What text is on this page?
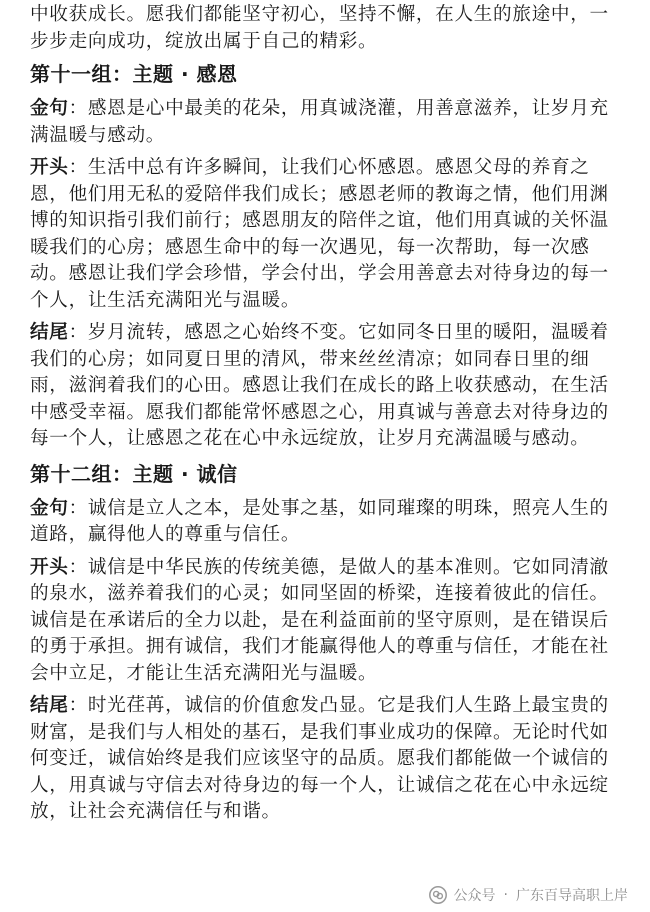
中收获成长。愿我们都能坚守初心，坚持不懈，在人生的旅途中，一步步走向成功，绽放出属于自己的精彩。

第十一组：主题 · 感恩

金句：感恩是心中最美的花朵，用真诚浇灌，用善意滋养，让岁月充满温暖与感动。

开头：生活中总有许多瞬间，让我们心怀感恩。感恩父母的养育之恩，他们用无私的爱陪伴我们成长；感恩老师的教诲之情，他们用渊博的知识指引我们前行；感恩朋友的陪伴之谊，他们用真诚的关怀温暖我们的心房；感恩生命中的每一次遇见，每一次帮助，每一次感动。感恩让我们学会珍惜，学会付出，学会用善意去对待身边的每一个人，让生活充满阳光与温暖。

结尾：岁月流转，感恩之心始终不变。它如同冬日里的暖阳，温暖着我们的心房；如同夏日里的清风，带来丝丝清凉；如同春日里的细雨，滋润着我们的心田。感恩让我们在成长的路上收获感动，在生活中感受幸福。愿我们都能常怀感恩之心，用真诚与善意去对待身边的每一个人，让感恩之花在心中永远绽放，让岁月充满温暖与感动。

第十二组：主题 · 诚信

金句：诚信是立人之本，是处事之基，如同璀璨的明珠，照亮人生的道路，赢得他人的尊重与信任。

开头：诚信是中华民族的传统美德，是做人的基本准则。它如同清澈的泉水，滋养着我们的心灵；如同坚固的桥梁，连接着彼此的信任。诚信是在承诺后的全力以赴，是在利益面前的坚守原则，是在错误后的勇于承担。拥有诚信，我们才能赢得他人的尊重与信任，才能在社会中立足，才能让生活充满阳光与温暖。

结尾：时光荏苒，诚信的价值愈发凸显。它是我们人生路上最宝贵的财富，是我们与人相处的基石，是我们事业成功的保障。无论时代如何变迁，诚信始终是我们应该坚守的品质。愿我们都能做一个诚信的人，用真诚与守信去对待身边的每一个人，让诚信之花在心中永远绽放，让社会充满信任与和谐。

公众号 · 广东百导高职上岸
